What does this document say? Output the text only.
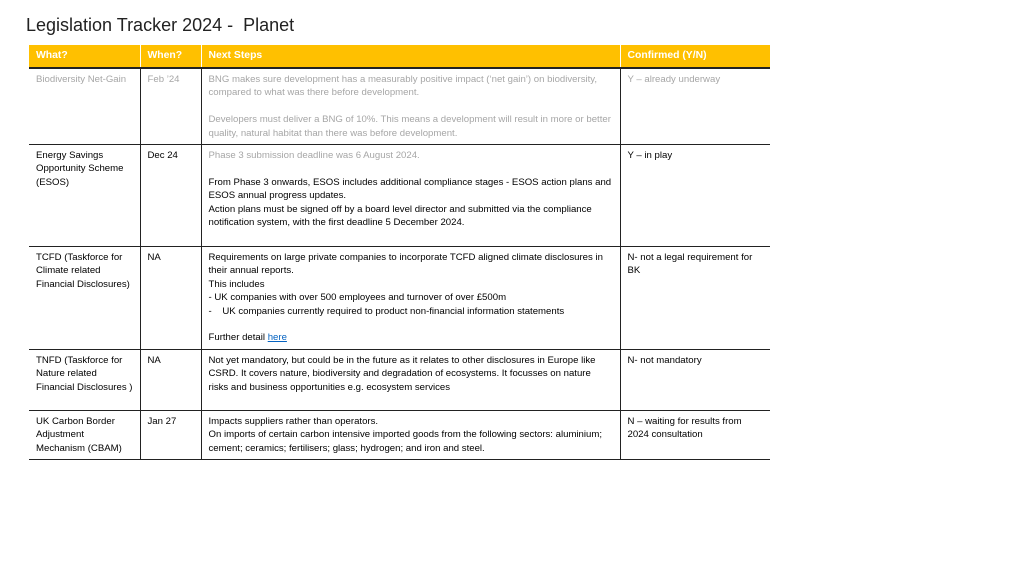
Legislation Tracker 2024 -  Planet
What?	When?	Next Steps	Confirmed (Y/N)
Biodiversity Net-Gain	Feb ’24	BNG makes sure development has a measurably positive impact (‘net gain’) on biodiversity, compared to what was there before development.

Developers must deliver a BNG of 10%. This means a development will result in more or better quality, natural habitat than there was before development.	Y – already underway
Energy Savings Opportunity Scheme (ESOS)	Dec 24	Phase 3 submission deadline was 6 August 2024.

From Phase 3 onwards, ESOS includes additional compliance stages - ESOS action plans and ESOS annual progress updates.

Action plans must be signed off by a board level director and submitted via the compliance notification system, with the first deadline 5 December 2024.	Y – in play
TCFD (Taskforce for Climate related Financial Disclosures)	NA	Requirements on large private companies to incorporate TCFD aligned climate disclosures in their annual reports.

This includes

- UK companies with over 500 employees and turnover of over £500m

-    UK companies currently required to product non-financial information statements

Further detail here	N- not a legal requirement for BK
TNFD (Taskforce for Nature related Financial Disclosures )	NA	Not yet mandatory, but could be in the future as it relates to other disclosures in Europe like CSRD. It covers nature, biodiversity and degradation of ecosystems. It focusses on nature risks and business opportunities e.g. ecosystem services	N- not mandatory
UK Carbon Border Adjustment Mechanism (CBAM)	Jan 27	Impacts suppliers rather than operators.

On imports of certain carbon intensive imported goods from the following sectors: aluminium; cement; ceramics; fertilisers; glass; hydrogen; and iron and steel.	N – waiting for results from 2024 consultation
